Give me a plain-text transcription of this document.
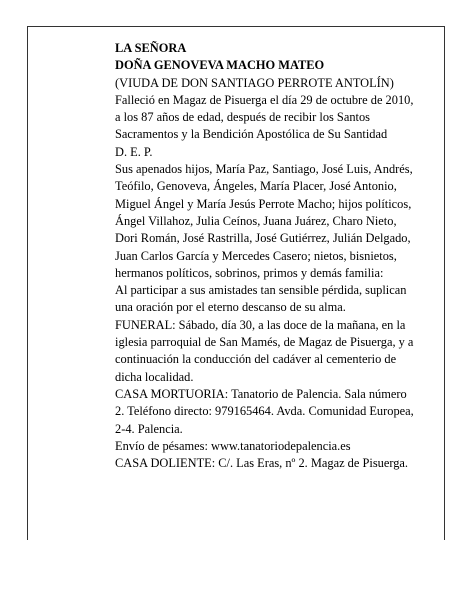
LA SEÑORA

DOÑA GENOVEVA MACHO MATEO

(VIUDA DE DON SANTIAGO PERROTE ANTOLÍN)

Falleció en Magaz de Pisuerga el día 29 de octubre de 2010, a los 87 años de edad, después de recibir los Santos Sacramentos y la Bendición Apostólica de Su Santidad

D. E. P.

Sus apenados hijos, María Paz, Santiago, José Luis, Andrés, Teófilo, Genoveva, Ángeles, María Placer, José Antonio, Miguel Ángel y María Jesús Perrote Macho; hijos políticos, Ángel Villahoz, Julia Ceínos, Juana Juárez, Charo Nieto, Dori Román, José Rastrilla, José Gutiérrez, Julián Delgado, Juan Carlos García y Mercedes Casero; nietos, bisnietos, hermanos políticos, sobrinos, primos y demás familia:

Al participar a sus amistades tan sensible pérdida, suplican una oración por el eterno descanso de su alma.

FUNERAL: Sábado, día 30, a las doce de la mañana, en la iglesia parroquial de San Mamés, de Magaz de Pisuerga, y a continuación la conducción del cadáver al cementerio de dicha localidad.

CASA MORTUORIA: Tanatorio de Palencia. Sala número 2. Teléfono directo: 979165464. Avda. Comunidad Europea, 2-4. Palencia.

Envío de pésames: www.tanatoriodepalencia.es

CASA DOLIENTE: C/. Las Eras, nº 2. Magaz de Pisuerga.
